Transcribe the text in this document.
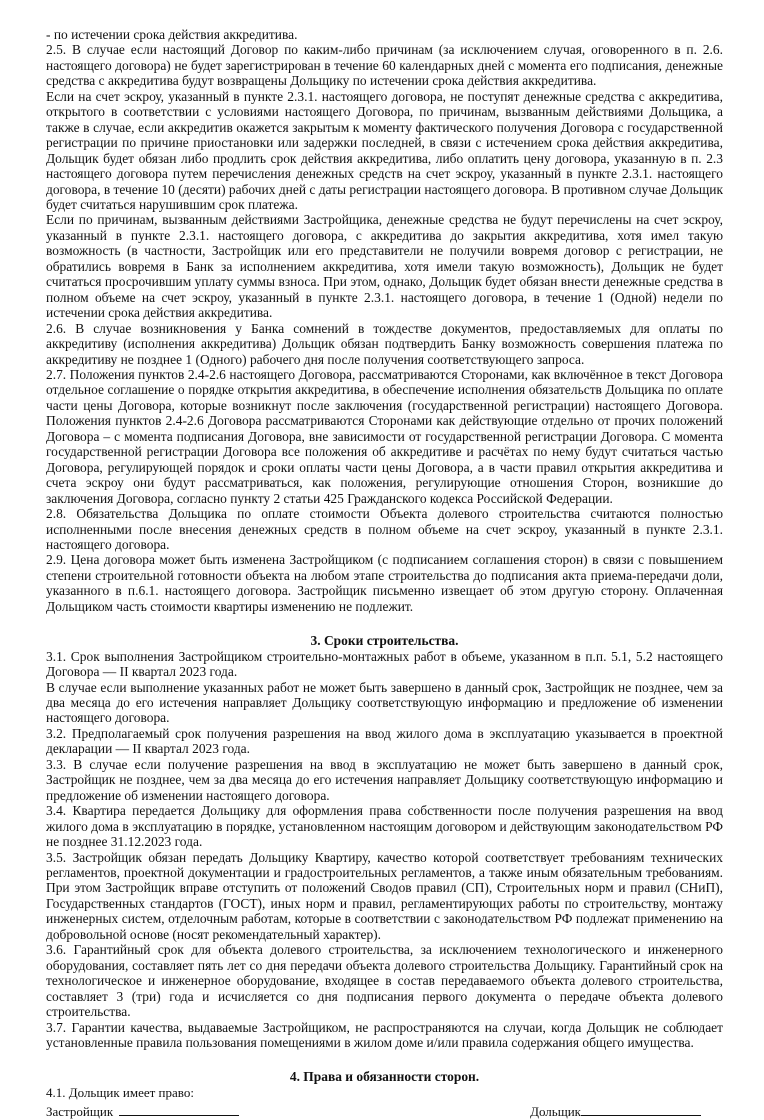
- по истечении срока действия аккредитива.

2.5. В случае если настоящий Договор по каким-либо причинам (за исключением случая, оговоренного в п. 2.6. настоящего договора) не будет зарегистрирован в течение 60 календарных дней с момента его подписания, денежные средства с аккредитива будут возвращены Дольщику по истечении срока действия аккредитива.

Если на счет эскроу, указанный в пункте 2.3.1. настоящего договора, не поступят денежные средства с аккредитива, открытого в соответствии с условиями настоящего Договора, по причинам, вызванным действиями Дольщика, а также в случае, если аккредитив окажется закрытым к моменту фактического получения Договора с государственной регистрации по причине приостановки или задержки последней, в связи с истечением срока действия аккредитива, Дольщик будет обязан либо продлить срок действия аккредитива, либо оплатить цену договора, указанную в п. 2.3 настоящего договора путем перечисления денежных средств на счет эскроу, указанный в пункте 2.3.1. настоящего договора, в течение 10 (десяти) рабочих дней с даты регистрации настоящего договора. В противном случае Дольщик будет считаться нарушившим срок платежа.

Если по причинам, вызванным действиями Застройщика, денежные средства не будут перечислены на счет эскроу, указанный в пункте 2.3.1. настоящего договора, с аккредитива до закрытия аккредитива, хотя имел такую возможность (в частности, Застройщик или его представители не получили вовремя договор с регистрации, не обратились вовремя в Банк за исполнением аккредитива, хотя имели такую возможность), Дольщик не будет считаться просрочившим уплату суммы взноса. При этом, однако, Дольщик будет обязан внести денежные средства в полном объеме на счет эскроу, указанный в пункте 2.3.1. настоящего договора, в течение 1 (Одной) недели по истечении срока действия аккредитива.

2.6. В случае возникновения у Банка сомнений в тождестве документов, предоставляемых для оплаты по аккредитиву (исполнения аккредитива) Дольщик обязан подтвердить Банку возможность совершения платежа по аккредитиву не позднее 1 (Одного) рабочего дня после получения соответствующего запроса.

2.7. Положения пунктов 2.4-2.6 настоящего Договора, рассматриваются Сторонами, как включённое в текст Договора отдельное соглашение о порядке открытия аккредитива, в обеспечение исполнения обязательств Дольщика по оплате части цены Договора, которые возникнут после заключения (государственной регистрации) настоящего Договора. Положения пунктов 2.4-2.6 Договора рассматриваются Сторонами как действующие отдельно от прочих положений Договора – с момента подписания Договора, вне зависимости от государственной регистрации Договора. С момента государственной регистрации Договора все положения об аккредитиве и расчётах по нему будут считаться частью Договора, регулирующей порядок и сроки оплаты части цены Договора, а в части правил открытия аккредитива и счета эскроу они будут рассматриваться, как положения, регулирующие отношения Сторон, возникшие до заключения Договора, согласно пункту 2 статьи 425 Гражданского кодекса Российской Федерации.

2.8. Обязательства Дольщика по оплате стоимости Объекта долевого строительства считаются полностью исполненными после внесения денежных средств в полном объеме на счет эскроу, указанный в пункте 2.3.1. настоящего договора.

2.9. Цена договора может быть изменена Застройщиком (с подписанием соглашения сторон) в связи с повышением степени строительной готовности объекта на любом этапе строительства до подписания акта приема-передачи доли, указанного в п.6.1. настоящего договора. Застройщик письменно извещает об этом другую сторону. Оплаченная Дольщиком часть стоимости квартиры изменению не подлежит.

3. Сроки строительства.

3.1. Срок выполнения Застройщиком строительно-монтажных работ в объеме, указанном в п.п. 5.1, 5.2 настоящего Договора — II квартал 2023 года.

В случае если выполнение указанных работ не может быть завершено в данный срок, Застройщик не позднее, чем за два месяца до его истечения направляет Дольщику соответствующую информацию и предложение об изменении настоящего договора.

3.2. Предполагаемый срок получения разрешения на ввод жилого дома в эксплуатацию указывается в проектной декларации — II квартал 2023 года.

3.3. В случае если получение разрешения на ввод в эксплуатацию не может быть завершено в данный срок, Застройщик не позднее, чем за два месяца до его истечения направляет Дольщику соответствующую информацию и предложение об изменении настоящего договора.

3.4. Квартира передается Дольщику для оформления права собственности после получения разрешения на ввод жилого дома в эксплуатацию в порядке, установленном настоящим договором и действующим законодательством РФ не позднее 31.12.2023 года.

3.5. Застройщик обязан передать Дольщику Квартиру, качество которой соответствует требованиям технических регламентов, проектной документации и градостроительных регламентов, а также иным обязательным требованиям. При этом Застройщик вправе отступить от положений Сводов правил (СП), Строительных норм и правил (СНиП), Государственных стандартов (ГОСТ), иных норм и правил, регламентирующих работы по строительству, монтажу инженерных систем, отделочным работам, которые в соответствии с законодательством РФ подлежат применению на добровольной основе (носят рекомендательный характер).

3.6. Гарантийный срок для объекта долевого строительства, за исключением технологического и инженерного оборудования, составляет пять лет со дня передачи объекта долевого строительства Дольщику. Гарантийный срок на технологическое и инженерное оборудование, входящее в состав передаваемого объекта долевого строительства, составляет 3 (три) года и исчисляется со дня подписания первого документа о передаче объекта долевого строительства.

3.7. Гарантии качества, выдаваемые Застройщиком, не распространяются на случаи, когда Дольщик не соблюдает установленные правила пользования помещениями в жилом доме и/или правила содержания общего имущества.

4. Права и обязанности сторон.

4.1. Дольщик имеет право:

Застройщик	Дольщик
